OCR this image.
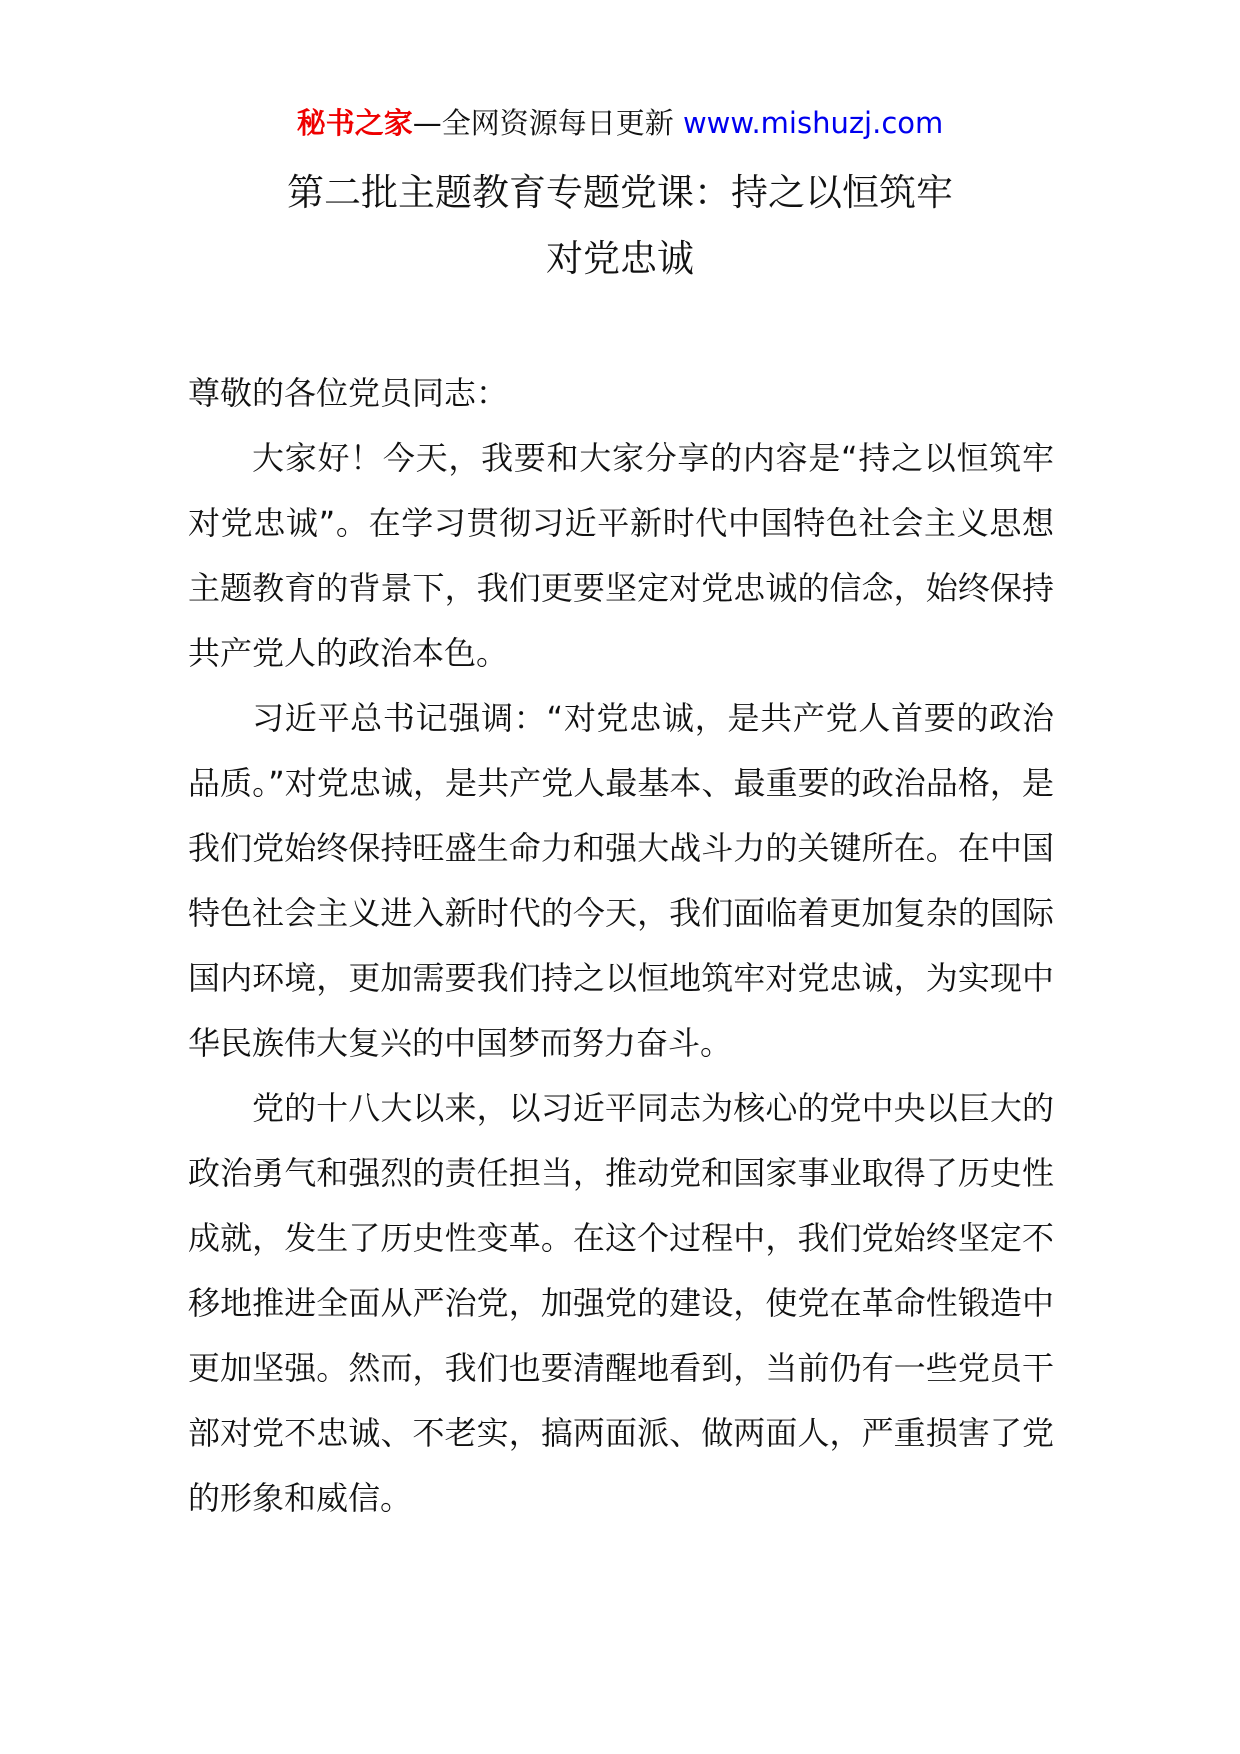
秘书之家—全网资源每日更新 www.mishuzj.com
第二批主题教育专题党课：持之以恒筑牢
对党忠诚

尊敬的各位党员同志：

大家好！今天，我要和大家分享的内容是“持之以恒筑牢对党忠诚”。在学习贯彻习近平新时代中国特色社会主义思想主题教育的背景下，我们更要坚定对党忠诚的信念，始终保持共产党人的政治本色。

习近平总书记强调：“对党忠诚，是共产党人首要的政治品质。”对党忠诚，是共产党人最基本、最重要的政治品格，是我们党始终保持旺盛生命力和强大战斗力的关键所在。在中国特色社会主义进入新时代的今天，我们面临着更加复杂的国际国内环境，更加需要我们持之以恒地筑牢对党忠诚，为实现中华民族伟大复兴的中国梦而努力奋斗。

党的十八大以来，以习近平同志为核心的党中央以巨大的政治勇气和强烈的责任担当，推动党和国家事业取得了历史性成就，发生了历史性变革。在这个过程中，我们党始终坚定不移地推进全面从严治党，加强党的建设，使党在革命性锻造中更加坚强。然而，我们也要清醒地看到，当前仍有一些党员干部对党不忠诚、不老实，搞两面派、做两面人，严重损害了党的形象和威信。
